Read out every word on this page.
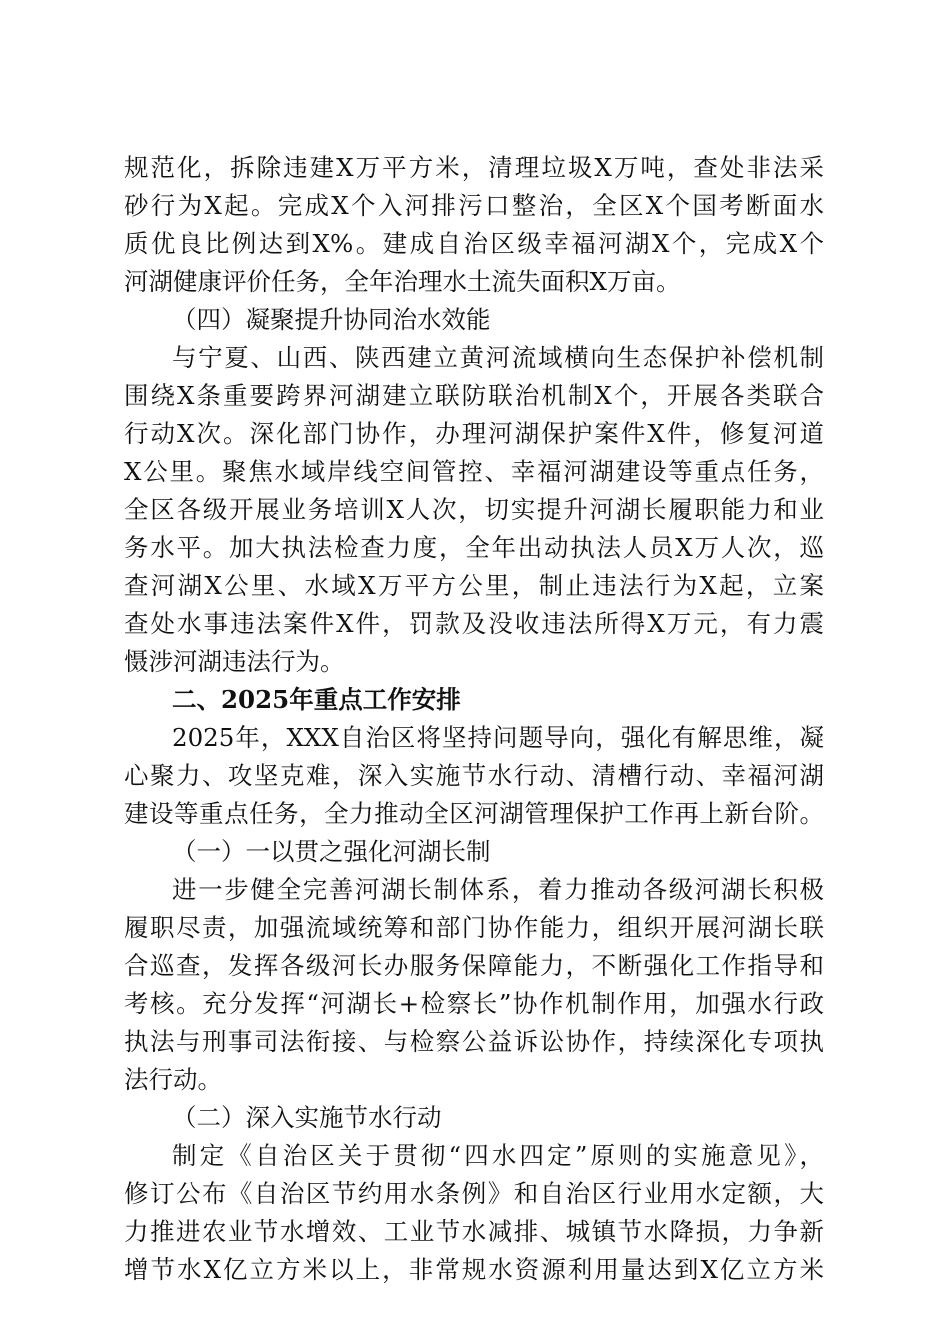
规范化，拆除违建X万平方米，清理垃圾X万吨，查处非法采
砂行为X起。完成X个入河排污口整治，全区X个国考断面水
质优良比例达到X%。建成自治区级幸福河湖X个，完成X个
河湖健康评价任务，全年治理水土流失面积X万亩。
（四）凝聚提升协同治水效能
与宁夏、山西、陕西建立黄河流域横向生态保护补偿机制
围绕X条重要跨界河湖建立联防联治机制X个，开展各类联合
行动X次。深化部门协作，办理河湖保护案件X件，修复河道
X公里。聚焦水域岸线空间管控、幸福河湖建设等重点任务，
全区各级开展业务培训X人次，切实提升河湖长履职能力和业
务水平。加大执法检查力度，全年出动执法人员X万人次，巡
查河湖X公里、水域X万平方公里，制止违法行为X起，立案
查处水事违法案件X件，罚款及没收违法所得X万元，有力震
慑涉河湖违法行为。
二、2025年重点工作安排
2025年，XXX自治区将坚持问题导向，强化有解思维，凝
心聚力、攻坚克难，深入实施节水行动、清槽行动、幸福河湖
建设等重点任务，全力推动全区河湖管理保护工作再上新台阶。
（一）一以贯之强化河湖长制
进一步健全完善河湖长制体系，着力推动各级河湖长积极
履职尽责，加强流域统筹和部门协作能力，组织开展河湖长联
合巡查，发挥各级河长办服务保障能力，不断强化工作指导和
考核。充分发挥“河湖长+检察长”协作机制作用，加强水行政
执法与刑事司法衔接、与检察公益诉讼协作，持续深化专项执
法行动。
（二）深入实施节水行动
制定《自治区关于贯彻“四水四定”原则的实施意见》，
修订公布《自治区节约用水条例》和自治区行业用水定额，大
力推进农业节水增效、工业节水减排、城镇节水降损，力争新
增节水X亿立方米以上，非常规水资源利用量达到X亿立方米
